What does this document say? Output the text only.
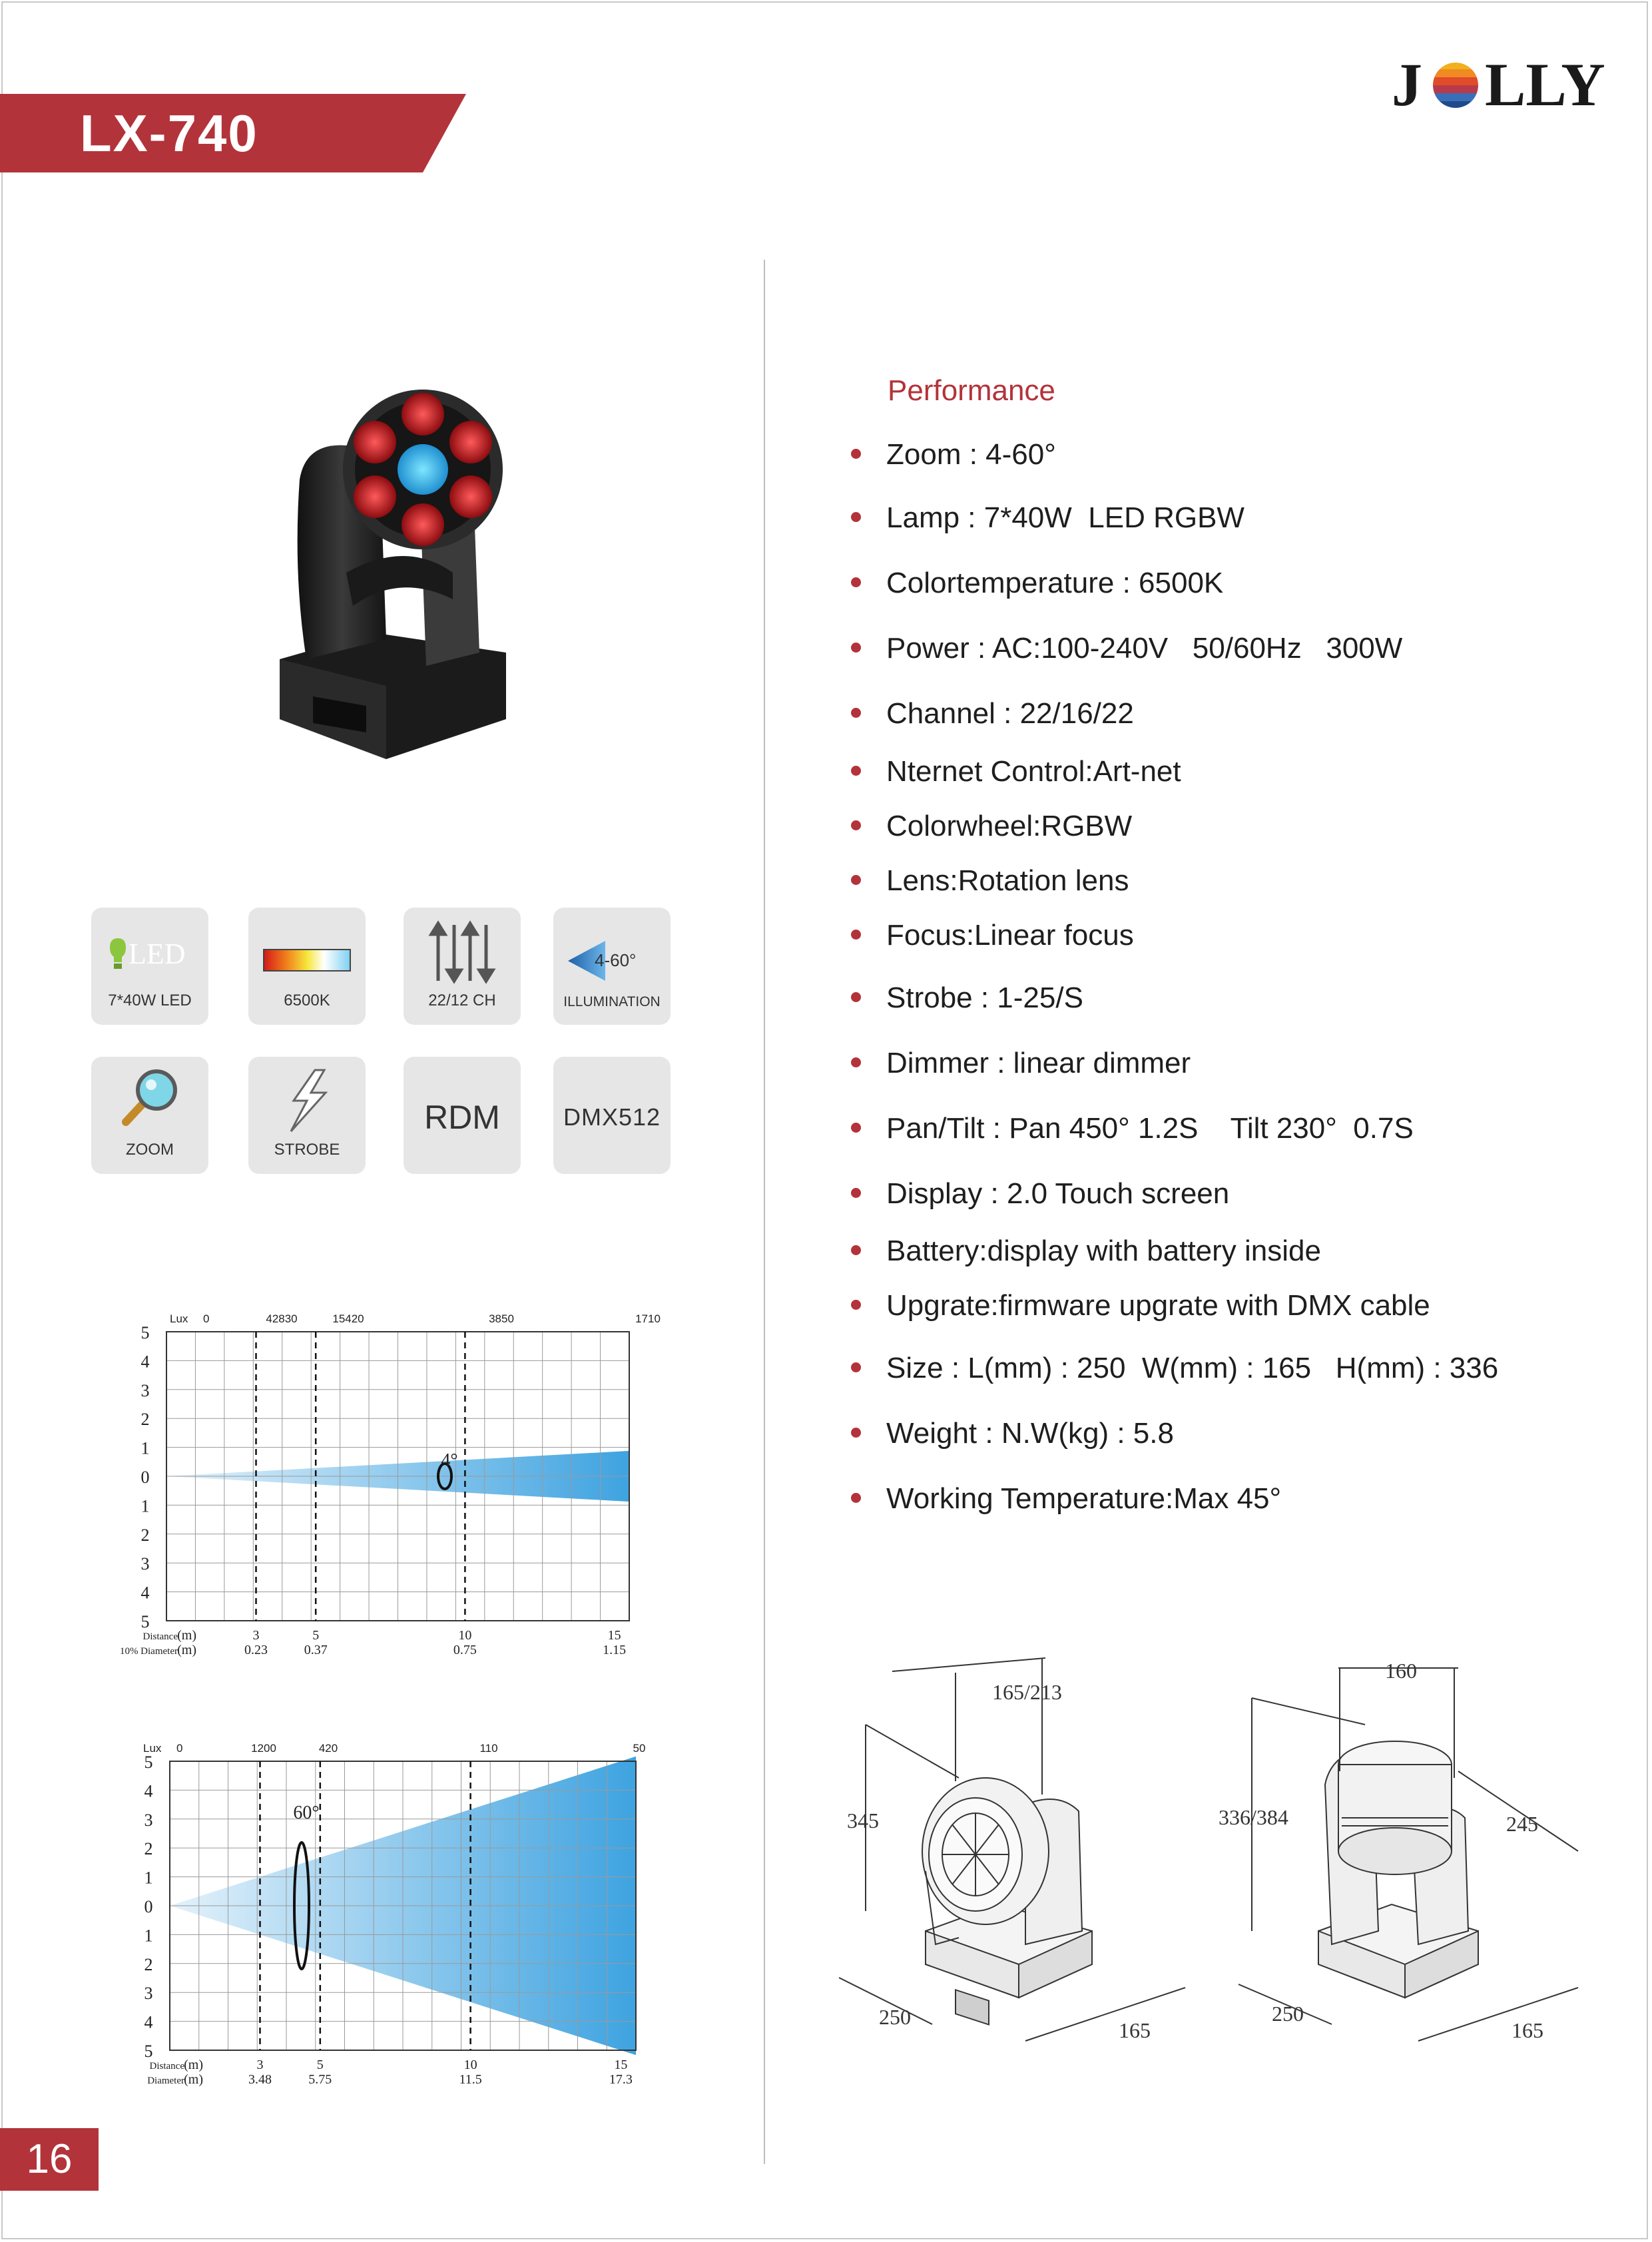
LX-740
J LLY
LED
7*40W LED	6500K	22/12 CH
4-60°
ILLUMINATION
ZOOM	STROBE
RDM	DMX512
5
4
3
2
1
0
1
2
3
4
5
Lux 0	42830	15420	3850	1710
Distance (m)	3	5	10	15
10% Diameter (m)	0.23	0.37	0.75	1.15
4°
5
4
3
2
1
0
1
2
3
4
5
Lux 0	1200	420	110	50
Distance (m)	3	5	10	15
Diameter (m)	3.48	5.75	11.5	17.3
60°
Performance
Zoom : 4-60°
Lamp : 7*40W  LED RGBW
Colortemperature : 6500K
Power : AC:100-240V   50/60Hz   300W
Channel : 22/16/22
Nternet Control:Art-net
Colorwheel:RGBW
Lens:Rotation lens
Focus:Linear focus
Strobe : 1-25/S
Dimmer : linear dimmer
Pan/Tilt : Pan 450° 1.2S    Tilt 230°  0.7S
Display : 2.0 Touch screen
Battery:display with battery inside
Upgrate:firmware upgrate with DMX cable
Size : L(mm) : 250  W(mm) : 165   H(mm) : 336
Weight : N.W(kg) : 5.8
Working Temperature:Max 45°
165/213
345
250
165
160
336/384	245
250
165
16
